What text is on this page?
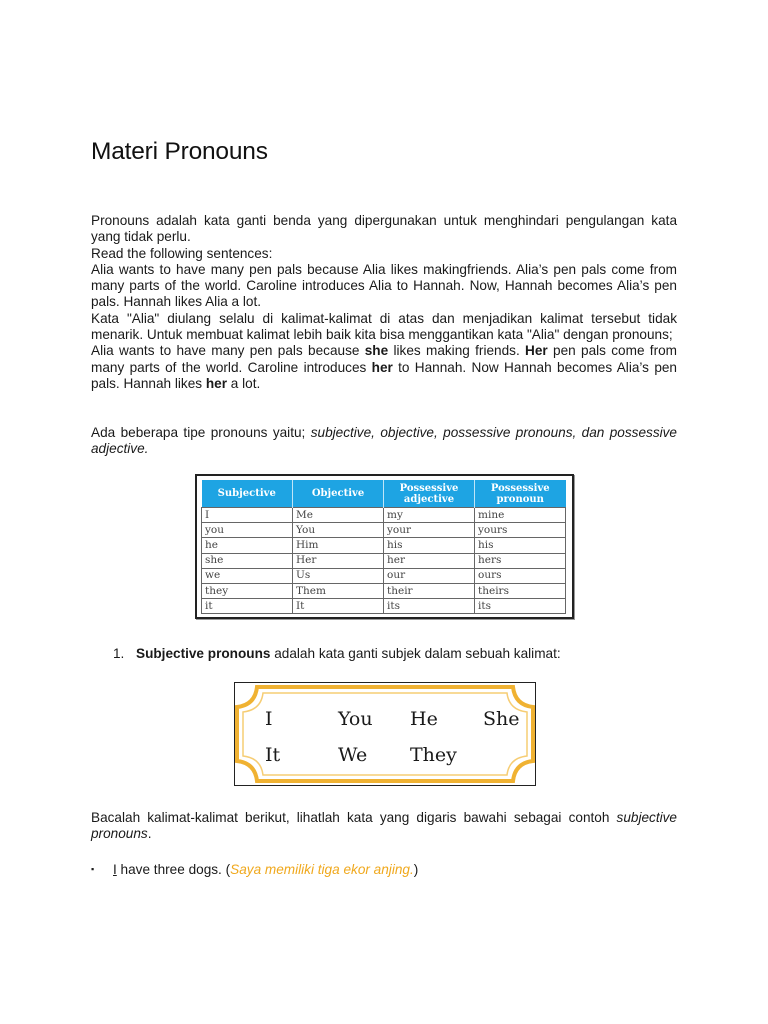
Materi Pronouns

Pronouns adalah kata ganti benda yang dipergunakan untuk menghindari pengulangan kata yang tidak perlu.

Read the following sentences:

Alia wants to have many pen pals because Alia likes makingfriends. Alia’s pen pals come from many parts of the world. Caroline introduces Alia to Hannah. Now, Hannah becomes Alia’s pen pals. Hannah likes Alia a lot.

Kata "Alia" diulang selalu di kalimat-kalimat di atas dan menjadikan kalimat tersebut tidak menarik. Untuk membuat kalimat lebih baik kita bisa menggantikan kata "Alia" dengan pronouns;

Alia wants to have many pen pals because she likes making friends. Her pen pals come from many parts of the world. Caroline introduces her to Hannah. Now Hannah becomes Alia’s pen pals. Hannah likes her a lot.

Ada beberapa tipe pronouns yaitu; subjective, objective, possessive pronouns, dan possessive adjective.

Subjective	Objective	Possessive adjective	Possessive pronoun
I	Me	my	mine
you	You	your	yours
he	Him	his	his
she	Her	her	hers
we	Us	our	ours
they	Them	their	theirs
it	It	its	its
1. Subjective pronouns adalah kata ganti subjek dalam sebuah kalimat:
I	You He She
It	We They

Bacalah kalimat-kalimat berikut, lihatlah kata yang digaris bawahi sebagai contoh subjective pronouns.

▪ I have three dogs. (Saya memiliki tiga ekor anjing.)
